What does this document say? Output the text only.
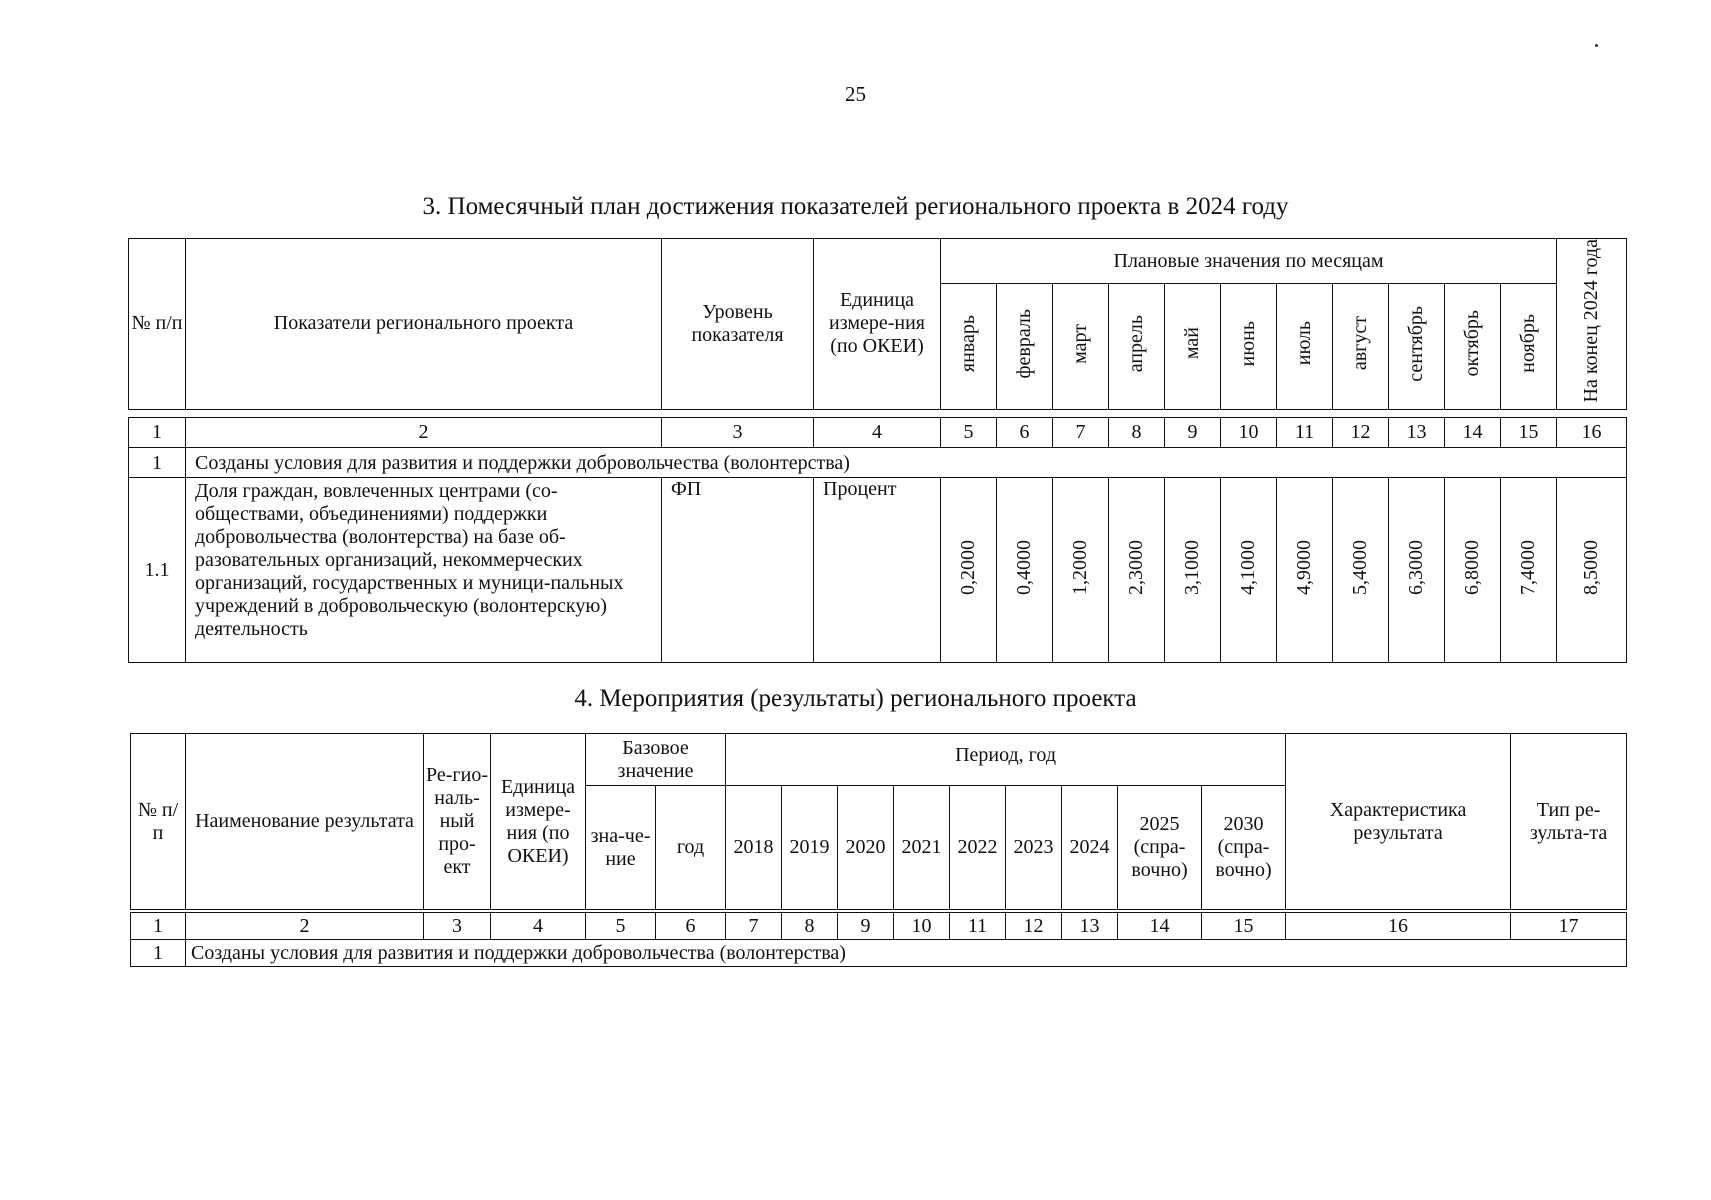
25
3. Помесячный план достижения показателей регионального проекта в 2024 году
№ п/п	Показатели регионального проекта	Уровень показателя	Единица измере-ния (по ОКЕИ)	Плановые значения по месяцам											На конец 2024 года
				январь	февраль	март	апрель	май	июнь	июль	август	сентябрь	октябрь	ноябрь	
1	2	3	4	5	6	7	8	9	10	11	12	13	14	15	16
1	Созданы условия для развития и поддержки добровольчества (волонтерства)														
1.1	Доля граждан, вовлеченных центрами (со-обществами, объединениями) поддержки добровольчества (волонтерства) на базе об-разовательных организаций, некоммерческих организаций, государственных и муници-пальных учреждений в добровольческую (волонтерскую) деятельность	ФП	Процент	0,2000	0,4000	1,2000	2,3000	3,1000	4,1000	4,9000	5,4000	6,3000	6,8000	7,4000	8,5000
4. Мероприятия (результаты) регионального проекта
№ п/п	Наименование результата	Ре-гио-наль-ный про-ект	Единица измере-ния (по ОКЕИ)	Базовое значение		Период, год									Характеристика результата	Тип ре-зульта-та
				зна-че-ние	год	2018	2019	2020	2021	2022	2023	2024	2025 (спра-вочно)	2030 (спра-вочно)		
1	2	3	4	5	6	7	8	9	10	11	12	13	14	15	16	17
1	Созданы условия для развития и поддержки добровольчества (волонтерства)															
